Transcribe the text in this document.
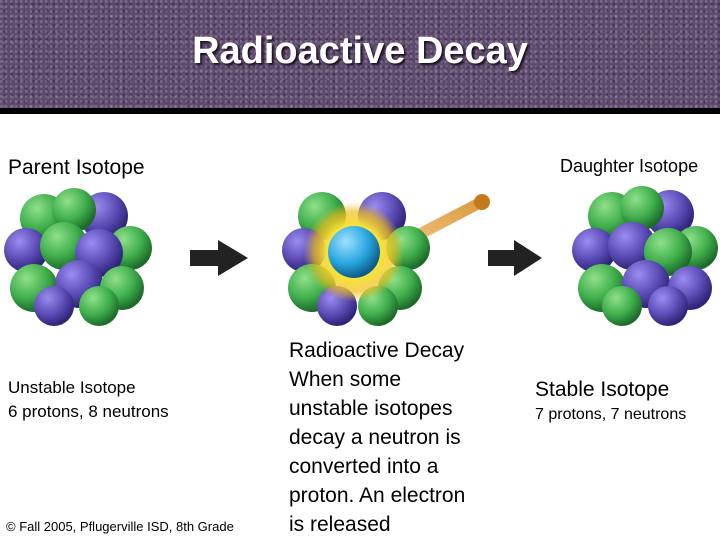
Radioactive Decay
Parent Isotope	Daughter Isotope
Unstable Isotope
6 protons, 8 neutrons
Radioactive Decay
When some
unstable isotopes
decay a neutron is
converted into a
proton. An electron
is released
Stable Isotope
7 protons, 7 neutrons
© Fall 2005, Pflugerville ISD, 8th Grade
